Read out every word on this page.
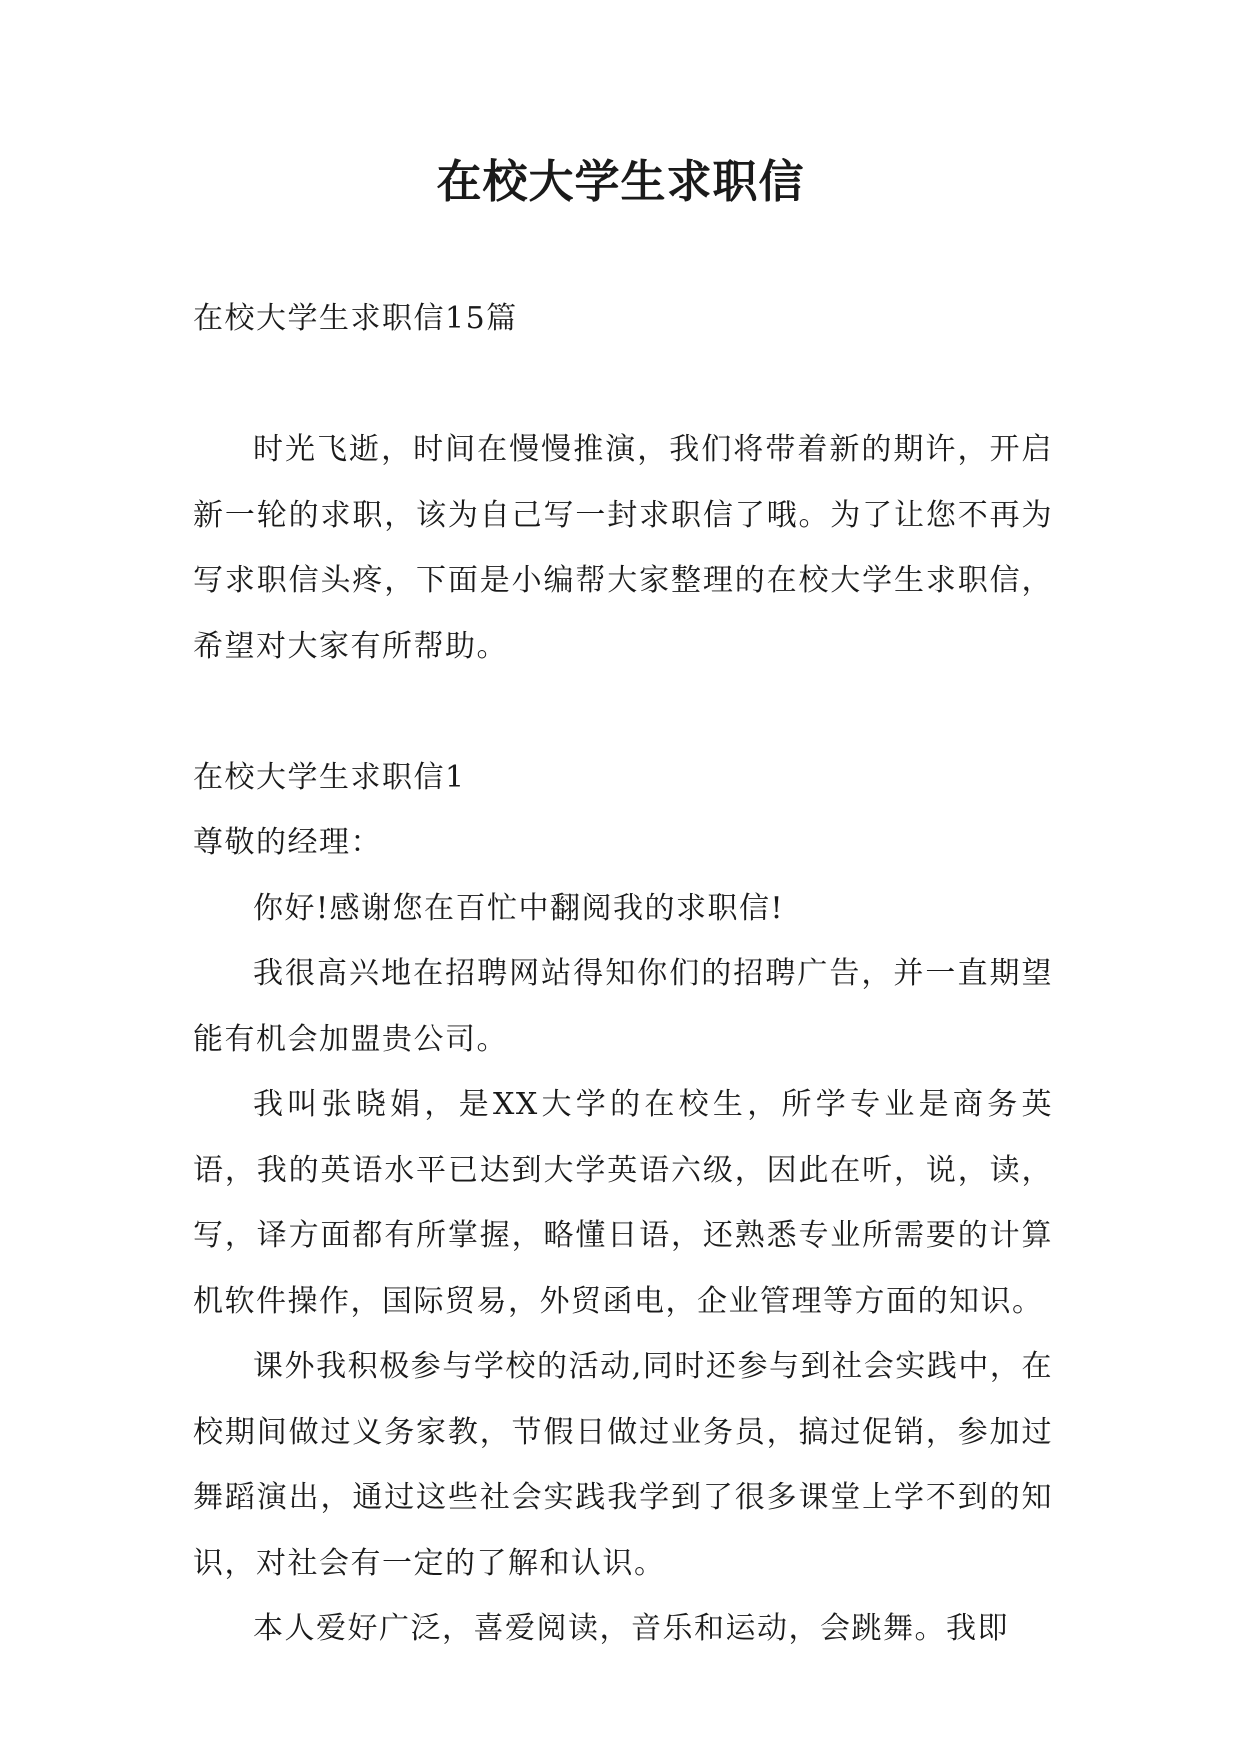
在校大学生求职信

在校大学生求职信15篇

时光飞逝，时间在慢慢推演，我们将带着新的期许，开启新一轮的求职，该为自己写一封求职信了哦。为了让您不再为写求职信头疼，下面是小编帮大家整理的在校大学生求职信，希望对大家有所帮助。

在校大学生求职信1

尊敬的经理：

你好!感谢您在百忙中翻阅我的求职信!

我很高兴地在招聘网站得知你们的招聘广告，并一直期望能有机会加盟贵公司。

我叫张晓娟，是XX大学的在校生，所学专业是商务英语，我的英语水平已达到大学英语六级，因此在听，说，读，写，译方面都有所掌握，略懂日语，还熟悉专业所需要的计算机软件操作，国际贸易，外贸函电，企业管理等方面的知识。

课外我积极参与学校的活动,同时还参与到社会实践中，在校期间做过义务家教，节假日做过业务员，搞过促销，参加过舞蹈演出，通过这些社会实践我学到了很多课堂上学不到的知识，对社会有一定的了解和认识。

本人爱好广泛，喜爱阅读，音乐和运动，会跳舞。我即
